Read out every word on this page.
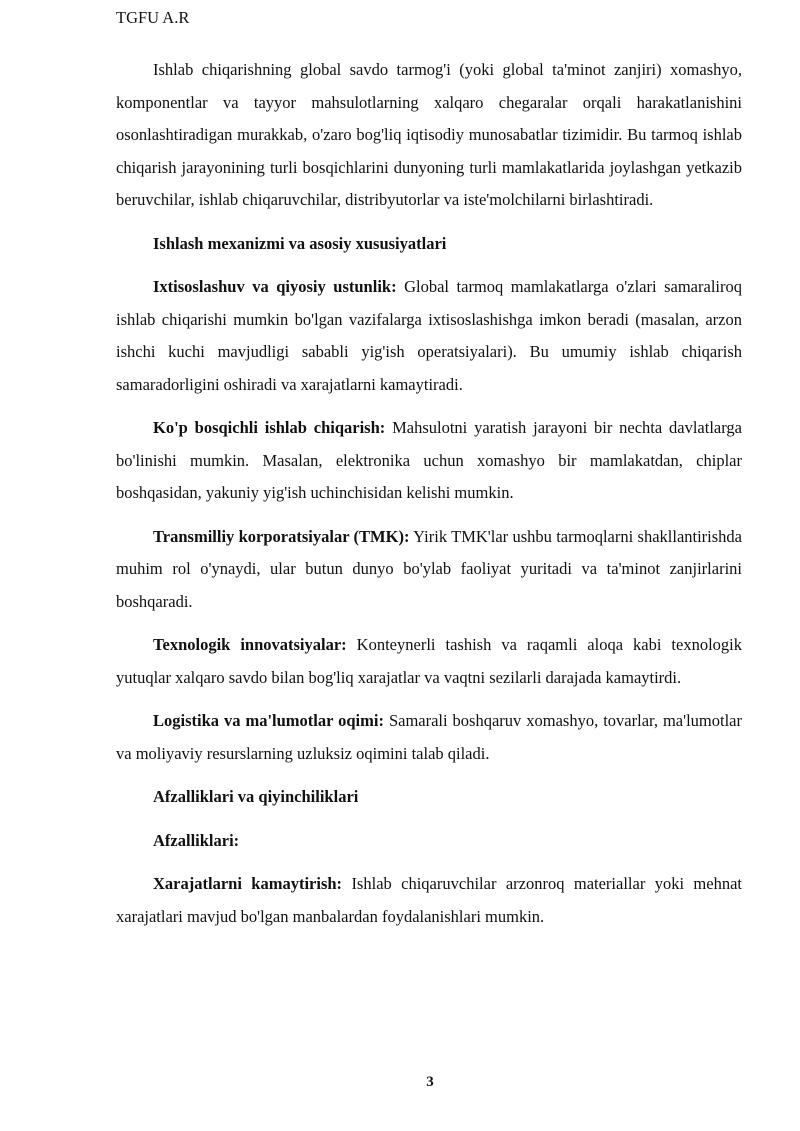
TGFU A.R

Ishlab chiqarishning global savdo tarmog'i (yoki global ta'minot zanjiri) xomashyo, komponentlar va tayyor mahsulotlarning xalqaro chegaralar orqali harakatlanishini osonlashtiradigan murakkab, o'zaro bog'liq iqtisodiy munosabatlar tizimidir. Bu tarmoq ishlab chiqarish jarayonining turli bosqichlarini dunyoning turli mamlakatlarida joylashgan yetkazib beruvchilar, ishlab chiqaruvchilar, distribyutorlar va iste'molchilarni birlashtiradi.

Ishlash mexanizmi va asosiy xususiyatlari

Ixtisoslashuv va qiyosiy ustunlik: Global tarmoq mamlakatlarga o'zlari samaraliroq ishlab chiqarishi mumkin bo'lgan vazifalarga ixtisoslashishga imkon beradi (masalan, arzon ishchi kuchi mavjudligi sababli yig'ish operatsiyalari). Bu umumiy ishlab chiqarish samaradorligini oshiradi va xarajatlarni kamaytiradi.

Ko'p bosqichli ishlab chiqarish: Mahsulotni yaratish jarayoni bir nechta davlatlarga bo'linishi mumkin. Masalan, elektronika uchun xomashyo bir mamlakatdan, chiplar boshqasidan, yakuniy yig'ish uchinchisidan kelishi mumkin.

Transmilliy korporatsiyalar (TMK): Yirik TMK'lar ushbu tarmoqlarni shakllantirishda muhim rol o'ynaydi, ular butun dunyo bo'ylab faoliyat yuritadi va ta'minot zanjirlarini boshqaradi.

Texnologik innovatsiyalar: Konteynerli tashish va raqamli aloqa kabi texnologik yutuqlar xalqaro savdo bilan bog'liq xarajatlar va vaqtni sezilarli darajada kamaytirdi.

Logistika va ma'lumotlar oqimi: Samarali boshqaruv xomashyo, tovarlar, ma'lumotlar va moliyaviy resurslarning uzluksiz oqimini talab qiladi.

Afzalliklari va qiyinchiliklari
Afzalliklari:

Xarajatlarni kamaytirish: Ishlab chiqaruvchilar arzonroq materiallar yoki mehnat xarajatlari mavjud bo'lgan manbalardan foydalanishlari mumkin.

3
